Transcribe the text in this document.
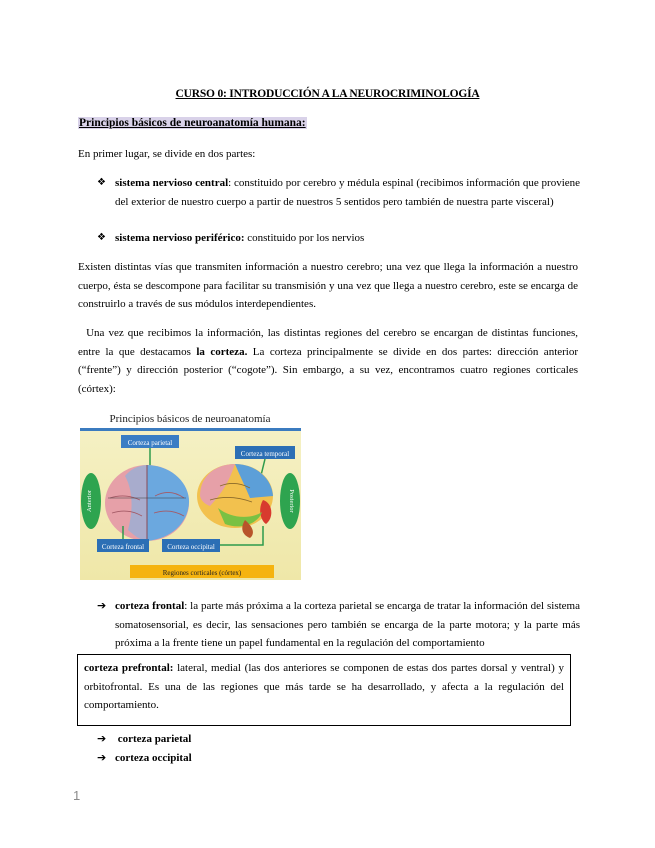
CURSO 0: INTRODUCCIÓN A LA NEUROCRIMINOLOGÍA
Principios básicos de neuroanatomía humana:
En primer lugar, se divide en dos partes:
❖ sistema nervioso central: constituido por cerebro y médula espinal (recibimos información que proviene del exterior de nuestro cuerpo a partir de nuestros 5 sentidos pero también de nuestra parte visceral)
❖ sistema nervioso periférico: constituido por los nervios
Existen distintas vías que transmiten información a nuestro cerebro; una vez que llega la información a nuestro cuerpo, ésta se descompone para facilitar su transmisión y una vez que llega a nuestro cerebro, este se encarga de construirlo a través de sus módulos interdependientes.
Una vez que recibimos la información, las distintas regiones del cerebro se encargan de distintas funciones, entre la que destacamos la corteza. La corteza principalmente se divide en dos partes: dirección anterior (“frente”) y dirección posterior (“cogote”). Sin embargo, a su vez, encontramos cuatro regiones corticales (córtex):
Principios básicos de neuroanatomía
Corteza parietal
Corteza temporal
Anterior	Posterior
Corteza frontal	Corteza occipital
Regiones corticales (córtex)
➔ corteza frontal: la parte más próxima a la corteza parietal se encarga de tratar la información del sistema somatosensorial, es decir, las sensaciones pero también se encarga de la parte motora; y la parte más próxima a la frente tiene un papel fundamental en la regulación del comportamiento
corteza prefrontal: lateral, medial (las dos anteriores se componen de estas dos partes dorsal y ventral) y orbitofrontal. Es una de las regiones que más tarde se ha desarrollado, y afecta a la regulación del comportamiento.
➔ corteza parietal
➔ corteza occipital
1
